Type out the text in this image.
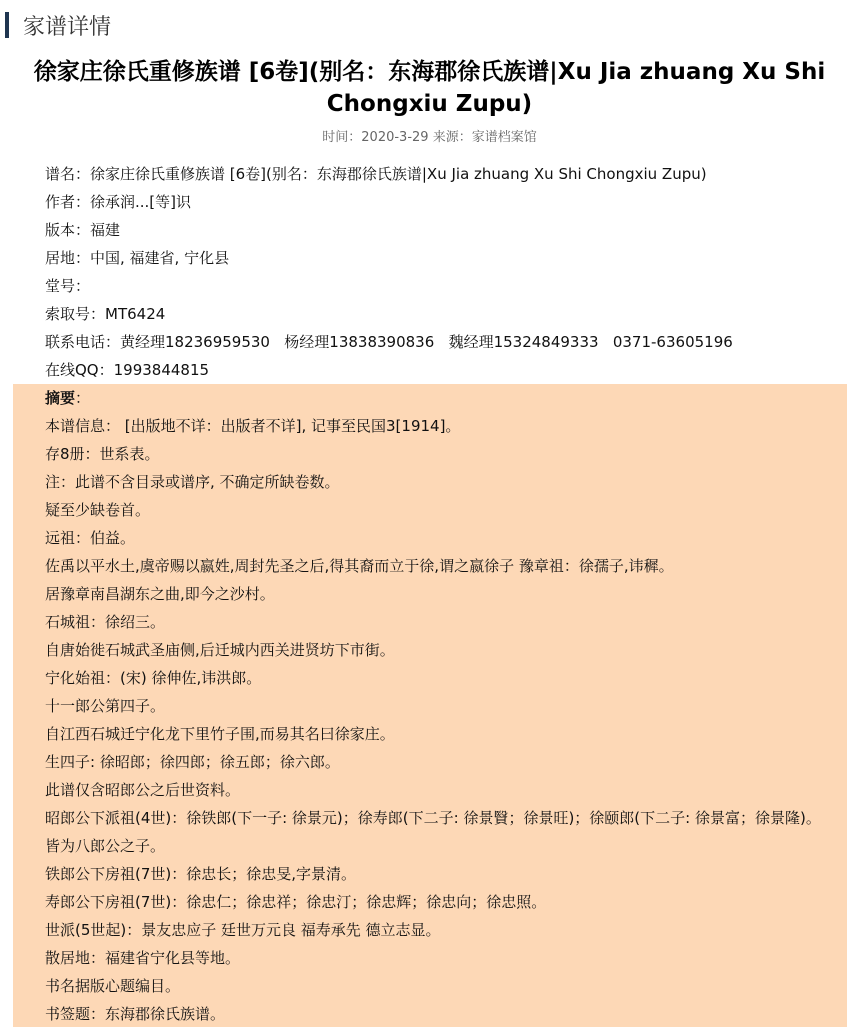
家谱详情
徐家庄徐氏重修族谱 [6卷](别名：东海郡徐氏族谱|Xu Jia zhuang Xu Shi Chongxiu Zupu)
时间：2020-3-29 来源：家谱档案馆
谱名：徐家庄徐氏重修族谱 [6卷](别名：东海郡徐氏族谱|Xu Jia zhuang Xu Shi Chongxiu Zupu)
作者：徐承润...[等]识
版本：福建
居地：中国, 福建省, 宁化县
堂号：
索取号：MT6424
联系电话：黄经理18236959530   杨经理13838390836   魏经理15324849333   0371-63605196
在线QQ：1993844815
摘要：
本谱信息： [出版地不详：出版者不详], 记事至民国3[1914]。
存8册：世系表。
注：此谱不含目录或谱序, 不确定所缺卷数。
疑至少缺卷首。
远祖：伯益。
佐禹以平水土,虞帝赐以嬴姓,周封先圣之后,得其裔而立于徐,谓之嬴徐子 豫章祖：徐孺子,讳穉。
居豫章南昌湖东之曲,即今之沙村。
石城祖：徐绍三。
自唐始徙石城武圣庙侧,后迁城内西关进贤坊下市街。
宁化始祖：(宋) 徐伸佐,讳洪郎。
十一郎公第四子。
自江西石城迁宁化龙下里竹子围,而易其名曰徐家庄。
生四子: 徐昭郎；徐四郎；徐五郎；徐六郎。
此谱仅含昭郎公之后世资料。
昭郎公下派祖(4世)：徐铁郎(下一子: 徐景元)；徐寿郎(下二子: 徐景贀；徐景旺)；徐颐郎(下二子: 徐景富；徐景隆)。
皆为八郎公之子。
铁郎公下房祖(7世)：徐忠长；徐忠旻,字景清。
寿郎公下房祖(7世)：徐忠仁；徐忠祥；徐忠汀；徐忠辉；徐忠向；徐忠照。
世派(5世起)：景友忠应子 廷世万元良 福寿承先 德立志显。
散居地：福建省宁化县等地。
书名据版心题编目。
书签题：东海郡徐氏族谱。
